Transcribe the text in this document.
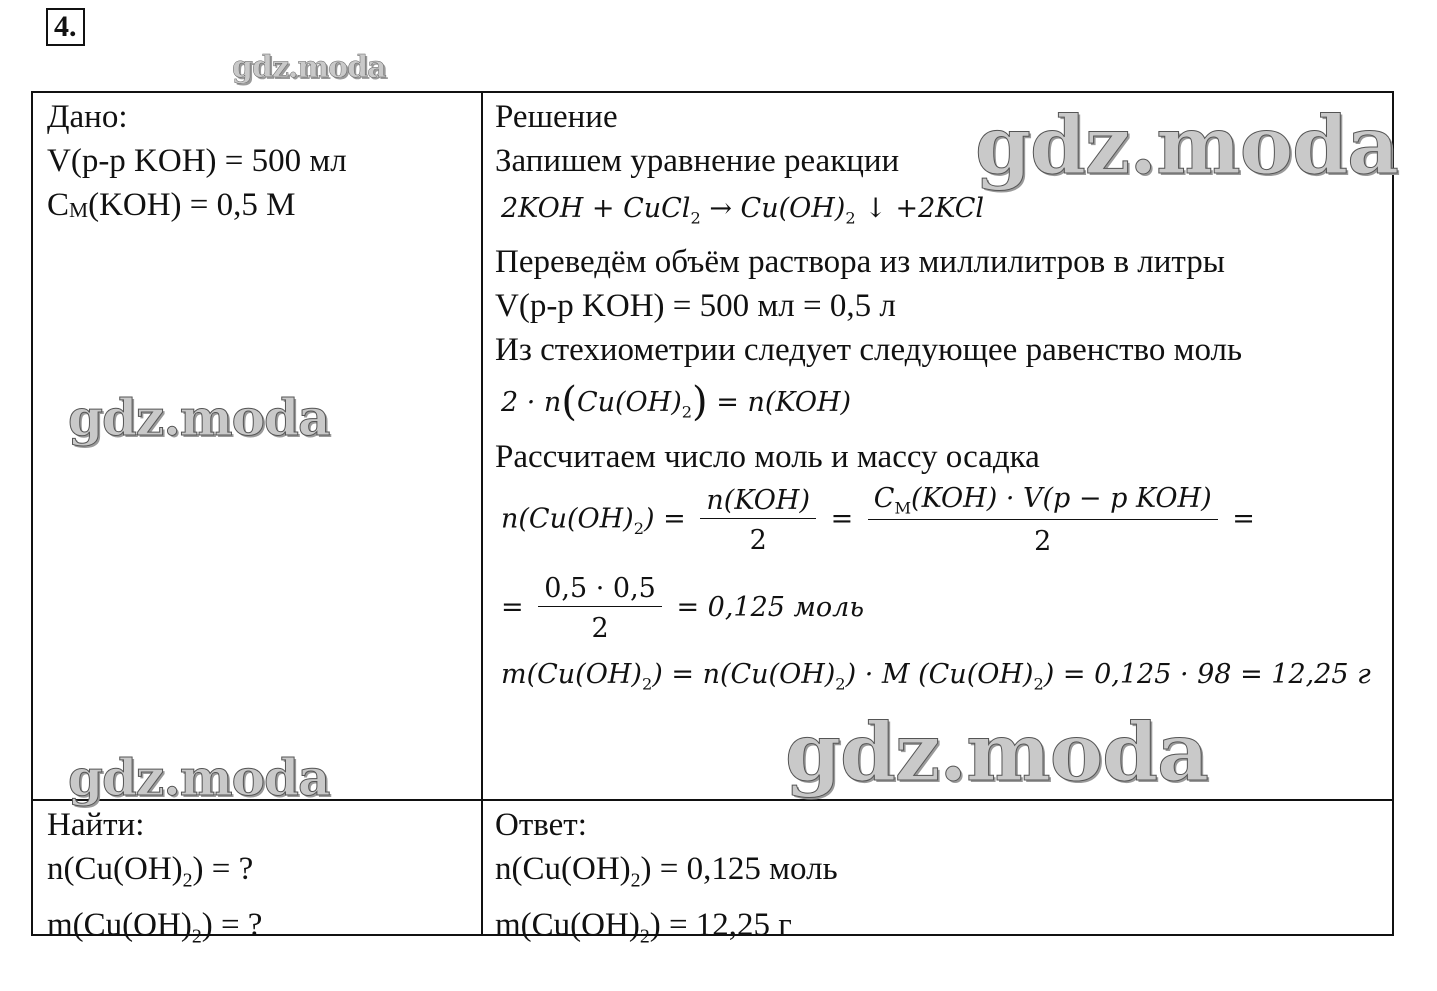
4.
gdz.moda
Дано:
V(р-р KOH) = 500 мл
$C_M(KOH) = 0,5$ M
Найти:
$n(Cu(OH)_2)$ = ?
$m(Cu(OH)_2)$ = ?
Решение
Запишем уравнение реакции
2KOH + CuCl$_2$ → $Cu(OH)_2$ ↓ +2KCl
Переведём объём раствора из миллилитров в литры
V(р-р KOH) = 500 мл = 0,5 л
Из стехиометрии следует следующее равенство моль
$2 \cdot n(Cu(OH)_2) = n(KOH)$
Рассчитаем число моль и массу осадка
$n(Cu(OH)_2) = \frac{\text{n(KOH)}}{2} = \frac{C_M(KOH) \cdot V(p - p KOH)}{2}$ =
= $\frac{0,5 \cdot 0,5}{2} = 0,125$ моль
$m(Cu(OH)_2) = n(Cu(OH)_2) \cdot M$ $(Cu(OH)_2) = 0,125 \cdot 98 = 12,25$ г
Ответ:
$n(Cu(OH)_2) = 0,125$ моль
$m(Cu(OH)_2) = 12,25$ г
gdz.moda
gdz.moda
gdz.moda	gdz.moda
